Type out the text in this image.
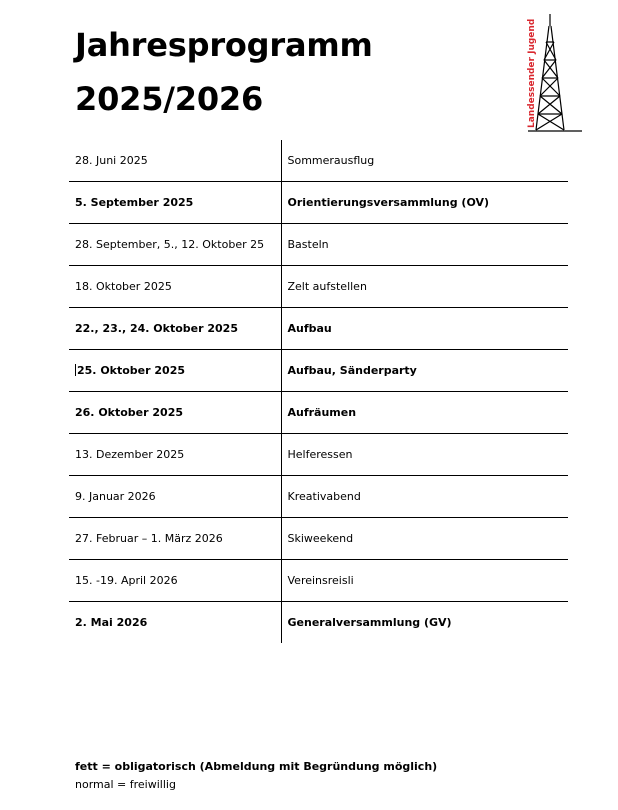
Jahresprogramm
2025/2026	Landessender Jugend
28. Juni 2025	Sommerausflug
5. September 2025	Orientierungsversammlung (OV)
28. September, 5., 12. Oktober 25	Basteln
18. Oktober 2025	Zelt aufstellen
22., 23., 24. Oktober 2025	Aufbau
25. Oktober 2025	Aufbau, Sänderparty
26. Oktober 2025	Aufräumen
13. Dezember 2025	Helferessen
9. Januar 2026	Kreativabend
27. Februar – 1. März 2026	Skiweekend
15. -19. April 2026	Vereinsreisli
2. Mai 2026	Generalversammlung (GV)
fett = obligatorisch (Abmeldung mit Begründung möglich)
normal = freiwillig
